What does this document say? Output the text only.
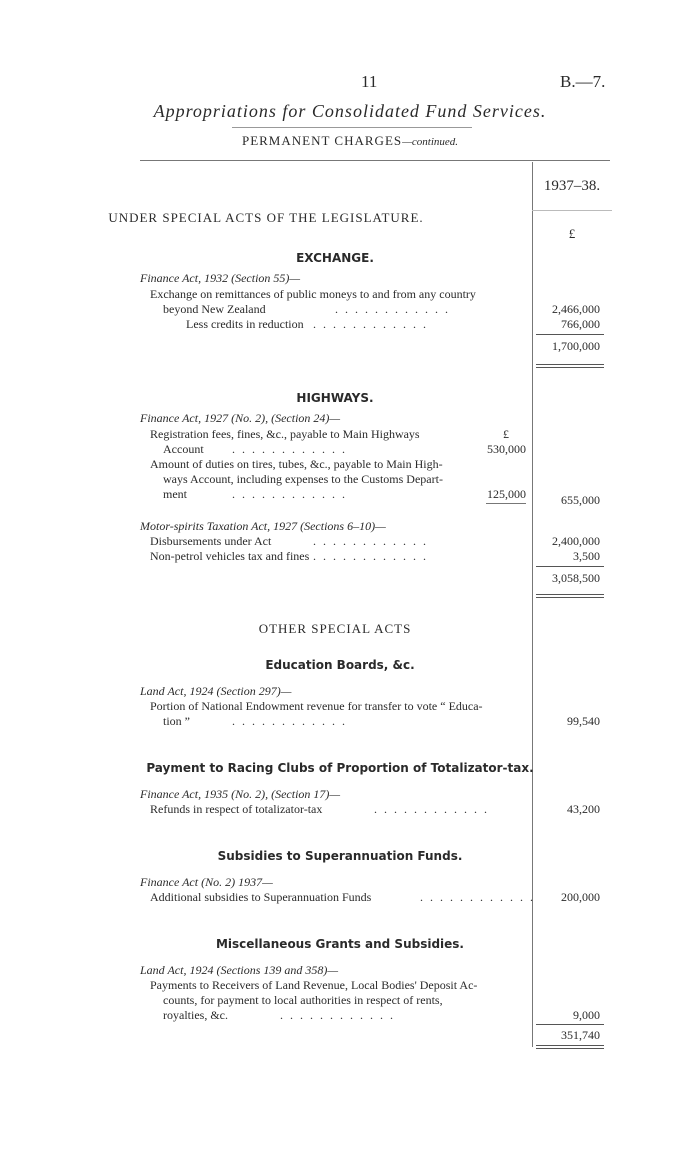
11	B.—7.
Appropriations for Consolidated Fund Services.
PERMANENT CHARGES—continued.
1937–38.
£
UNDER SPECIAL ACTS OF THE LEGISLATURE.
EXCHANGE.
Finance Act, 1932 (Section 55)—
Exchange on remittances of public moneys to and from any country
beyond New Zealand	. . . . . . . . . . . .	2,466,000
Less credits in reduction . . . . . . . . . . . .	766,000
1,700,000
HIGHWAYS.
Finance Act, 1927 (No. 2), (Section 24)—
Registration fees, fines, &c., payable to Main Highways	£
Account . . . . . . . . . . . .	530,000
Amount of duties on tires, tubes, &c., payable to Main High-
ways Account, including expenses to the Customs Depart-
ment	. . . . . . . . . . . .	125,000	655,000
Motor-spirits Taxation Act, 1927 (Sections 6–10)—
Disbursements under Act	. . . . . . . . . . . .	2,400,000
Non-petrol vehicles tax and fines . . . . . . . . . . . .	3,500
3,058,500
OTHER SPECIAL ACTS
Education Boards, &c.
Land Act, 1924 (Section 297)—
Portion of National Endowment revenue for transfer to vote “ Educa-
tion ”	. . . . . . . . . . . .	99,540
Payment to Racing Clubs of Proportion of Totalizator-tax.
Finance Act, 1935 (No. 2), (Section 17)—
Refunds in respect of totalizator-tax	. . . . . . . . . . . .	43,200
Subsidies to Superannuation Funds.
Finance Act (No. 2) 1937—
Additional subsidies to Superannuation Funds	. . . . . . . . . . . .	200,000
Miscellaneous Grants and Subsidies.
Land Act, 1924 (Sections 139 and 358)—
Payments to Receivers of Land Revenue, Local Bodies' Deposit Ac-
counts, for payment to local authorities in respect of rents,
royalties, &c.	. . . . . . . . . . . .	9,000
351,740
